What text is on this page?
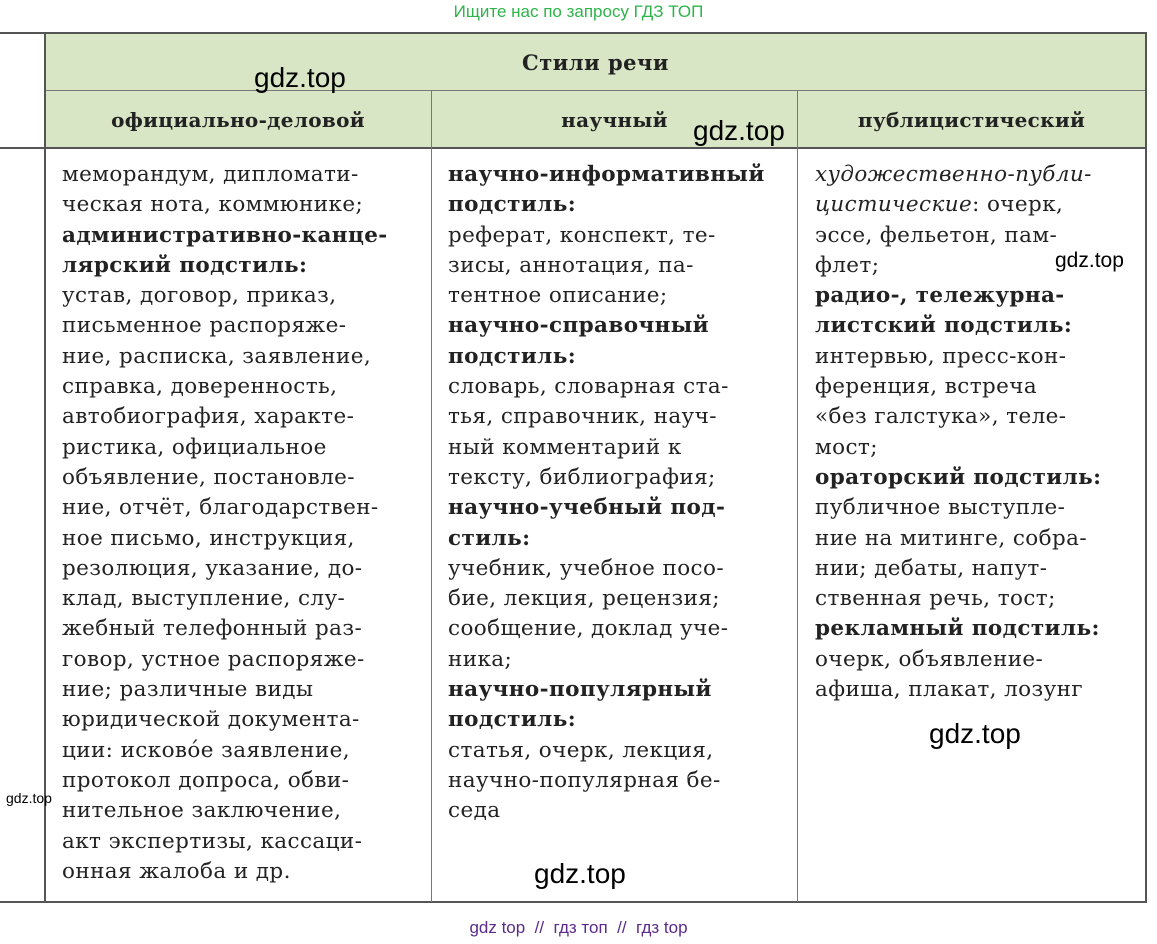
Ищите нас по запросу ГДЗ ТОП
Стили речи
официально-деловой	научный	публицистический
меморандум, дипломати-
ческая нота, коммюнике;
административно-канце-
лярский подстиль:
устав, договор, приказ,
письменное распоряже-
ние, расписка, заявление,
справка, доверенность,
автобиография, характе-
ристика, официальное
объявление, постановле-
ние, отчёт, благодарствен-
ное письмо, инструкция,
резолюция, указание, до-
клад, выступление, слу-
жебный телефонный раз-
говор, устное распоряже-
ние; различные виды
юридической документа-
ции: исково́е заявление,
протокол допроса, обви-
нительное заключение,
акт экспертизы, кассаци-
онная жалоба и др.
научно-информативный
подстиль:
реферат, конспект, те-
зисы, аннотация, па-
тентное описание;
научно-справочный
подстиль:
словарь, словарная ста-
тья, справочник, науч-
ный комментарий к
тексту, библиография;
научно-учебный под-
стиль:
учебник, учебное посо-
бие, лекция, рецензия;
сообщение, доклад уче-
ника;
научно-популярный
подстиль:
статья, очерк, лекция,
научно-популярная бе-
седа
художественно-публи-
цистические: очерк,
эссе, фельетон, пам-
флет;
радио-, тележурна-
листский подстиль:
интервью, пресс-кон-
ференция, встреча
«без галстука», теле-
мост;
ораторский подстиль:
публичное выступле-
ние на митинге, собра-
нии; дебаты, напут-
ственная речь, тост;
рекламный подстиль:
очерк, объявление-
афиша, плакат, лозунг
gdz.top
gdz.top
gdz.top
gdz.top
gdz.top
gdz.top
gdz top  //  гдз топ  //  гдз top
